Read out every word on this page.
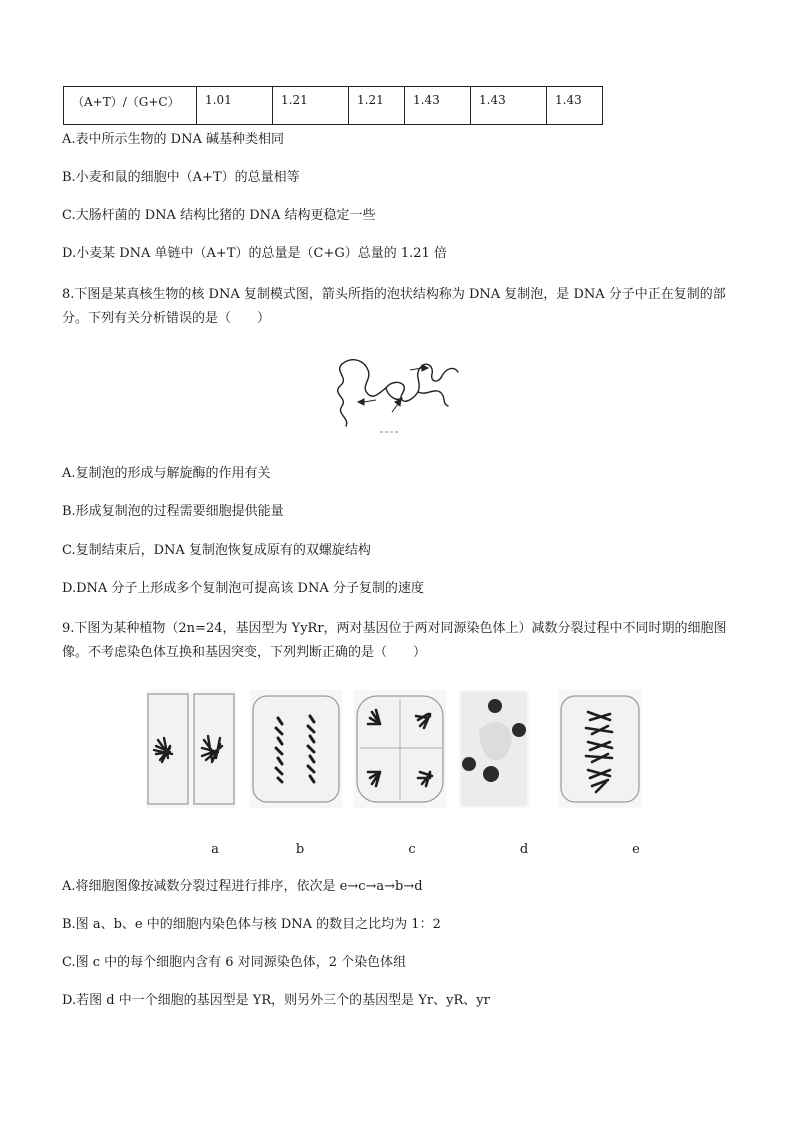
（A+T）/（G+C）	1.01	1.21	1.21	1.43	1.43	1.43
A.表中所示生物的 DNA 碱基种类相同
B.小麦和鼠的细胞中（A+T）的总量相等
C.大肠杆菌的 DNA 结构比猪的 DNA 结构更稳定一些
D.小麦某 DNA 单链中（A+T）的总量是（C+G）总量的 1.21 倍
8.下图是某真核生物的核 DNA 复制模式图，箭头所指的泡状结构称为 DNA 复制泡，是 DNA 分子中正在复制的部分。下列有关分析错误的是（　　）
A.复制泡的形成与解旋酶的作用有关
B.形成复制泡的过程需要细胞提供能量
C.复制结束后，DNA 复制泡恢复成原有的双螺旋结构
D.DNA 分子上形成多个复制泡可提高该 DNA 分子复制的速度
9.下图为某种植物（2n=24，基因型为 YyRr，两对基因位于两对同源染色体上）减数分裂过程中不同时期的细胞图像。不考虑染色体互换和基因突变，下列判断正确的是（　　）
a	b	c	d	e
A.将细胞图像按减数分裂过程进行排序，依次是 e→c→a→b→d
B.图 a、b、e 中的细胞内染色体与核 DNA 的数目之比均为 1：2
C.图 c 中的每个细胞内含有 6 对同源染色体，2 个染色体组
D.若图 d 中一个细胞的基因型是 YR，则另外三个的基因型是 Yr、yR、yr
